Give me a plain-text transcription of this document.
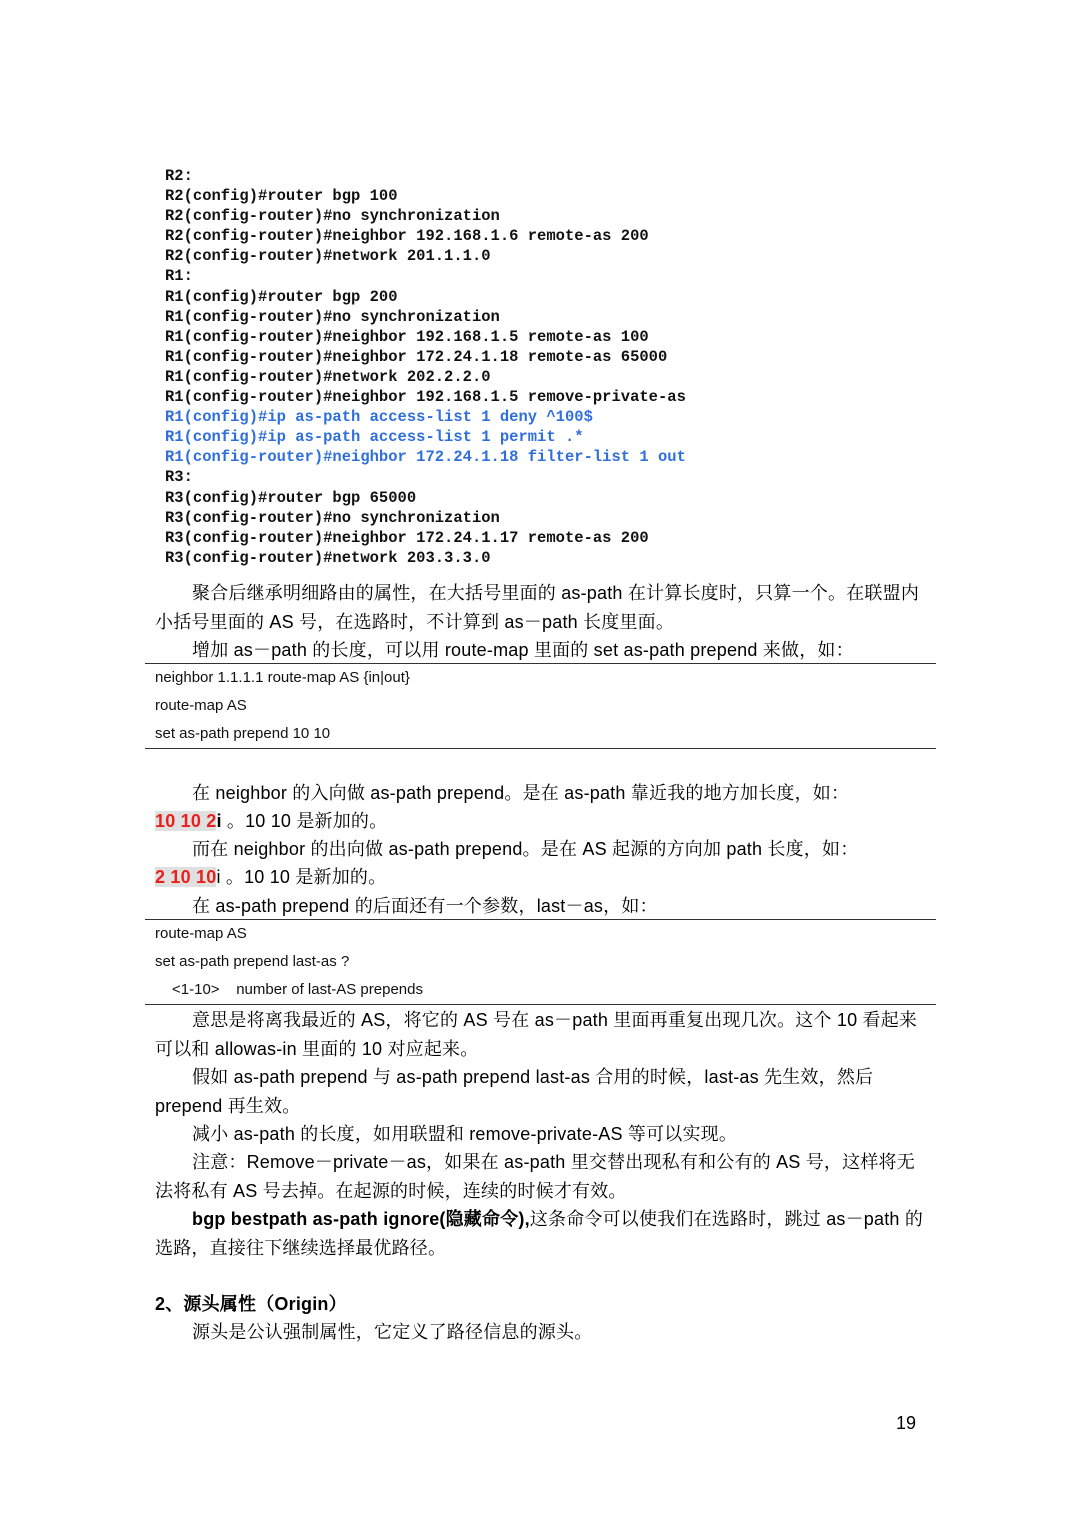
R2:
R2(config)#router bgp 100
R2(config-router)#no synchronization
R2(config-router)#neighbor 192.168.1.6 remote-as 200
R2(config-router)#network 201.1.1.0
R1:
R1(config)#router bgp 200
R1(config-router)#no synchronization
R1(config-router)#neighbor 192.168.1.5 remote-as 100
R1(config-router)#neighbor 172.24.1.18 remote-as 65000
R1(config-router)#network 202.2.2.0
R1(config-router)#neighbor 192.168.1.5 remove-private-as
R1(config)#ip as-path access-list 1 deny ^100$
R1(config)#ip as-path access-list 1 permit .*
R1(config-router)#neighbor 172.24.1.18 filter-list 1 out
R3:
R3(config)#router bgp 65000
R3(config-router)#no synchronization
R3(config-router)#neighbor 172.24.1.17 remote-as 200
R3(config-router)#network 203.3.3.0
聚合后继承明细路由的属性，在大括号里面的 as-path 在计算长度时，只算一个。在联盟内小括号里面的 AS 号，在选路时，不计算到 as－path 长度里面。
增加 as－path 的长度，可以用 route-map 里面的 set as-path prepend 来做，如：
neighbor 1.1.1.1 route-map AS {in|out}
route-map AS
set as-path prepend 10 10
在 neighbor 的入向做 as-path prepend。是在 as-path 靠近我的地方加长度，如：
10 10 2i 。10 10 是新加的。
而在 neighbor 的出向做 as-path prepend。是在 AS 起源的方向加 path 长度，如：
2 10 10i 。10 10 是新加的。
在 as-path prepend 的后面还有一个参数，last－as，如：
route-map AS
set as-path prepend last-as ?
<1-10>    number of last-AS prepends
意思是将离我最近的 AS，将它的 AS 号在 as－path 里面再重复出现几次。这个 10 看起来可以和 allowas-in 里面的 10 对应起来。
假如 as-path prepend 与 as-path prepend last-as 合用的时候，last-as 先生效，然后 prepend 再生效。
减小 as-path 的长度，如用联盟和 remove-private-AS 等可以实现。
注意：Remove－private－as，如果在 as-path 里交替出现私有和公有的 AS 号，这样将无法将私有 AS 号去掉。在起源的时候，连续的时候才有效。
bgp bestpath as-path ignore(隐藏命令),这条命令可以使我们在选路时，跳过 as－path 的选路，直接往下继续选择最优路径。
2、源头属性（Origin）
源头是公认强制属性，它定义了路径信息的源头。
19
